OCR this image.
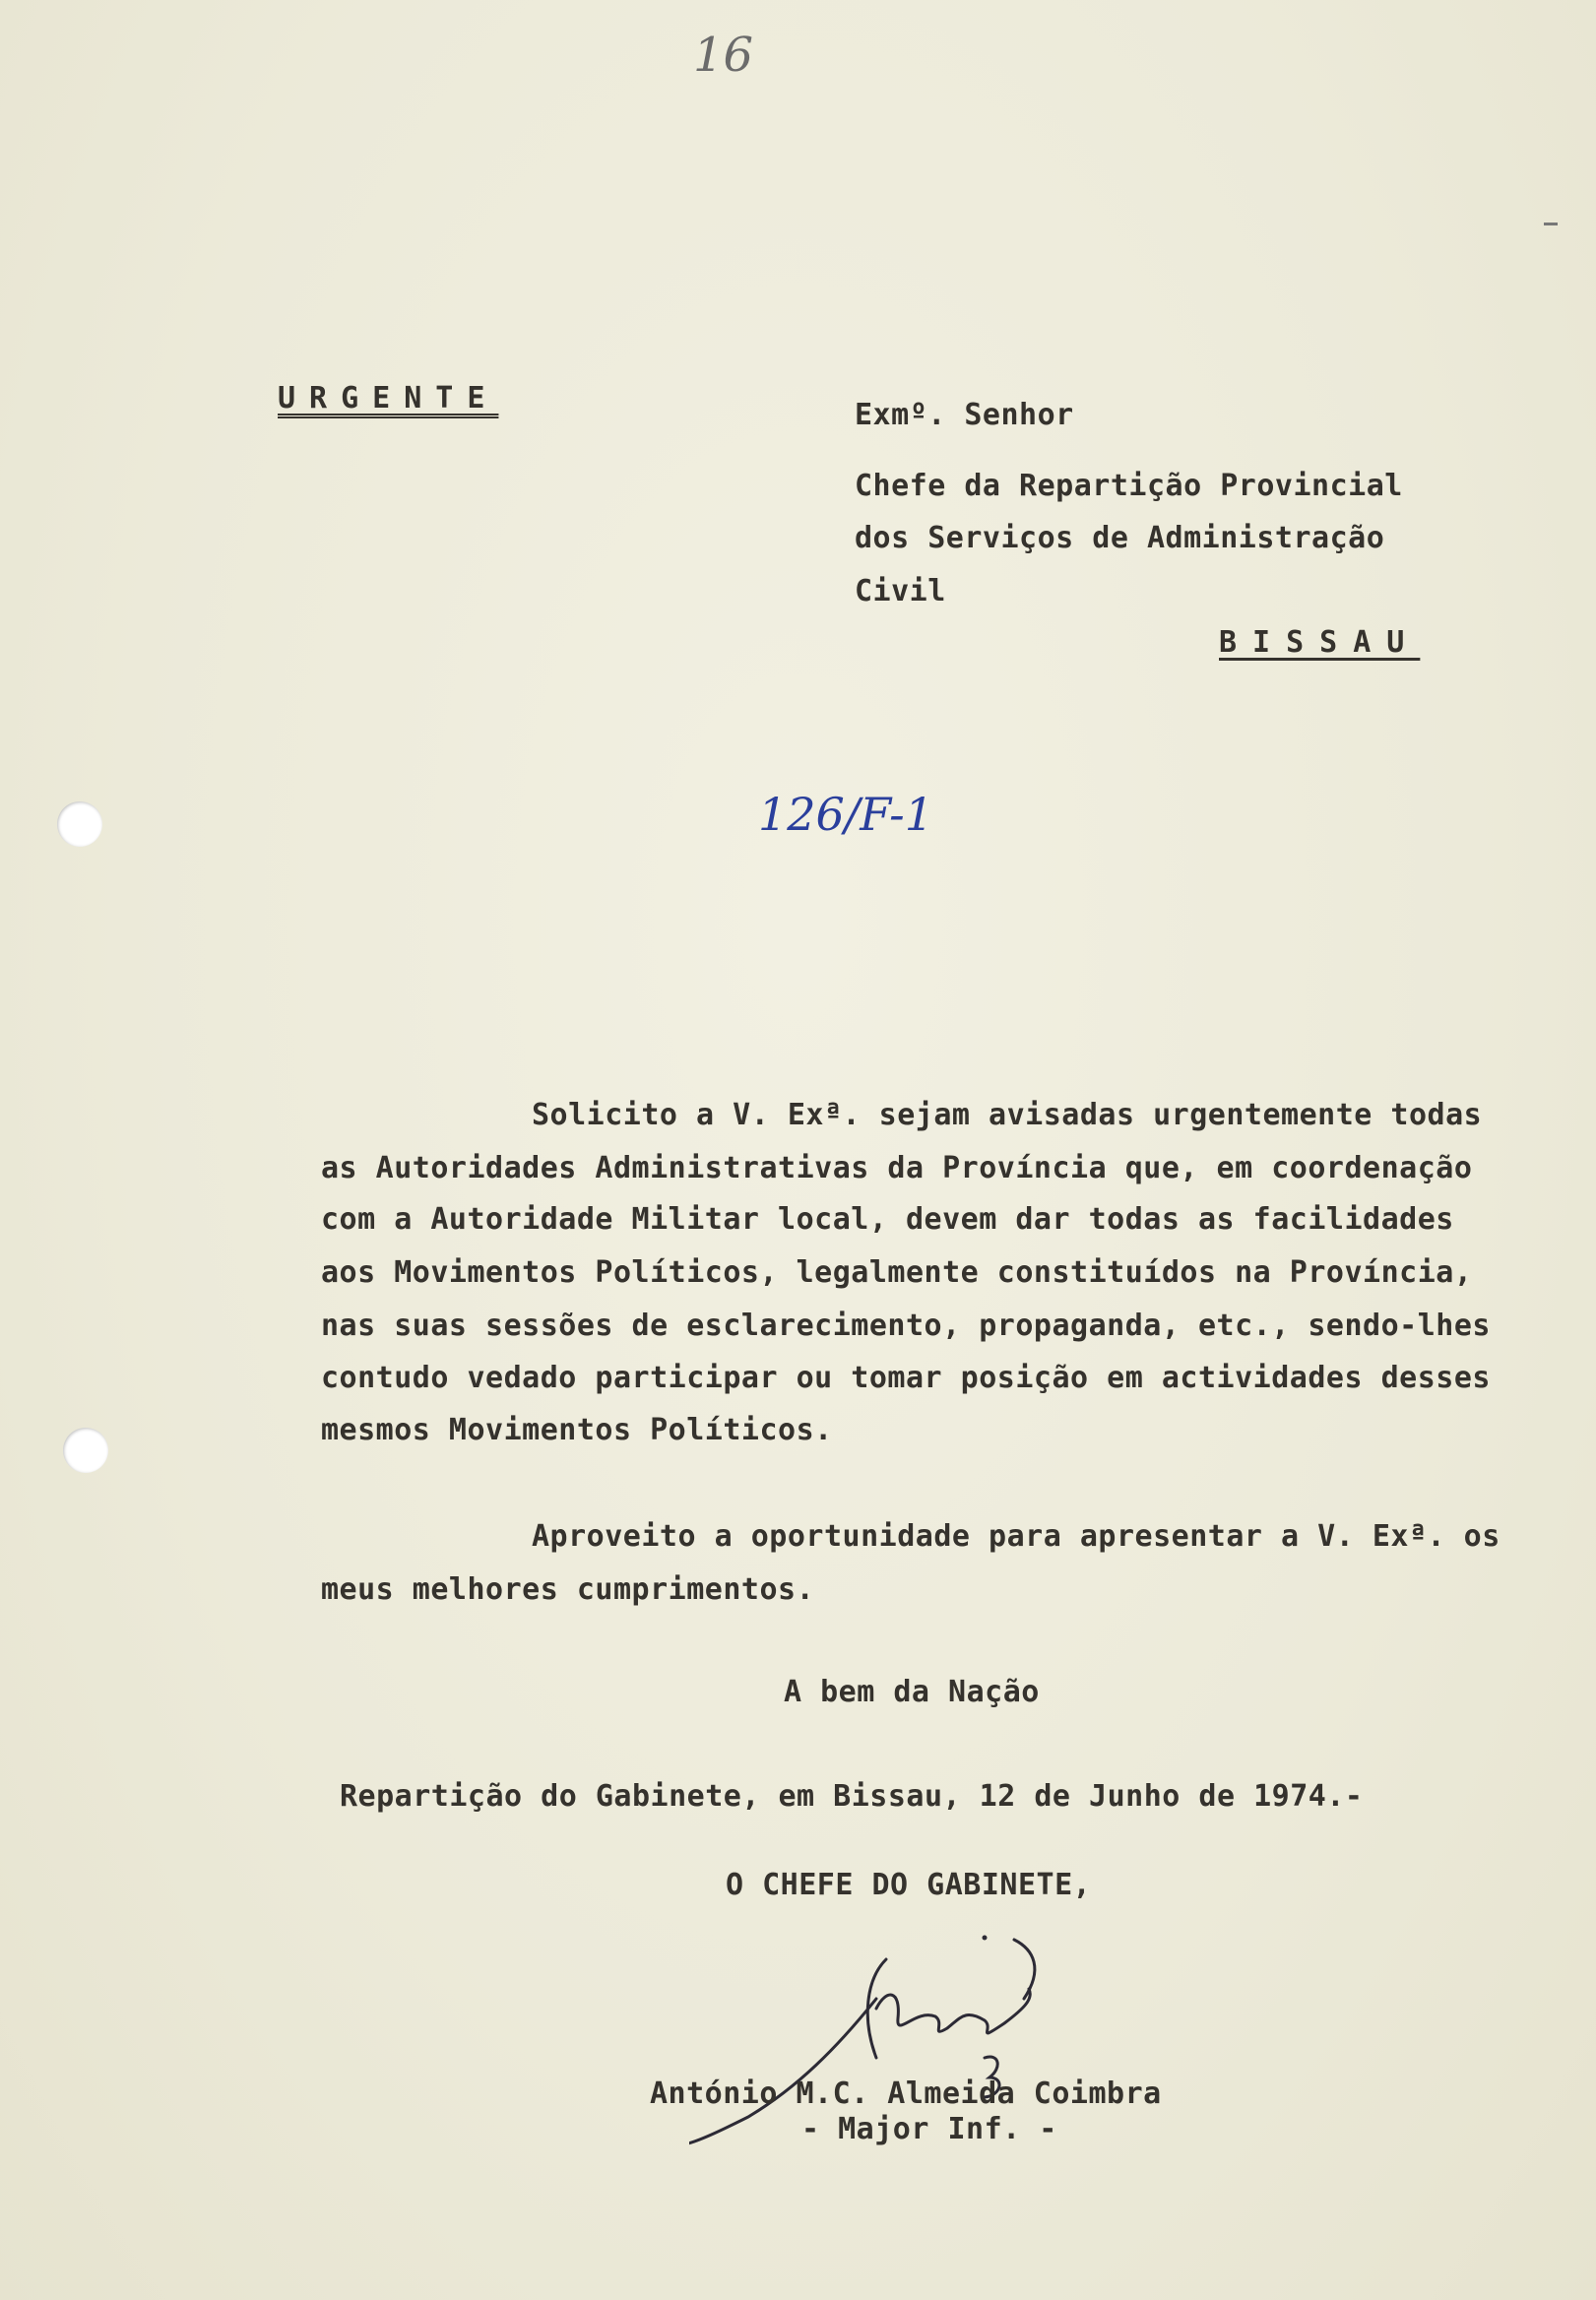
16
URGENTE	Exmº. Senhor
Chefe da Repartição Provincial
dos Serviços de Administração
Civil
BISSAU
126/F-1
Solicito a V. Exª. sejam avisadas urgentemente todas
as Autoridades Administrativas da Província que, em coordenação
com a Autoridade Militar local, devem dar todas as facilidades
aos Movimentos Políticos, legalmente constituídos na Província,
nas suas sessões de esclarecimento, propaganda, etc., sendo-lhes
contudo vedado participar ou tomar posição em actividades desses
mesmos Movimentos Políticos.
Aproveito a oportunidade para apresentar a V. Exª. os
meus melhores cumprimentos.
A bem da Nação
Repartição do Gabinete, em Bissau, 12 de Junho de 1974.-
O CHEFE DO GABINETE,
António M.C. Almeida Coimbra
- Major Inf. -
